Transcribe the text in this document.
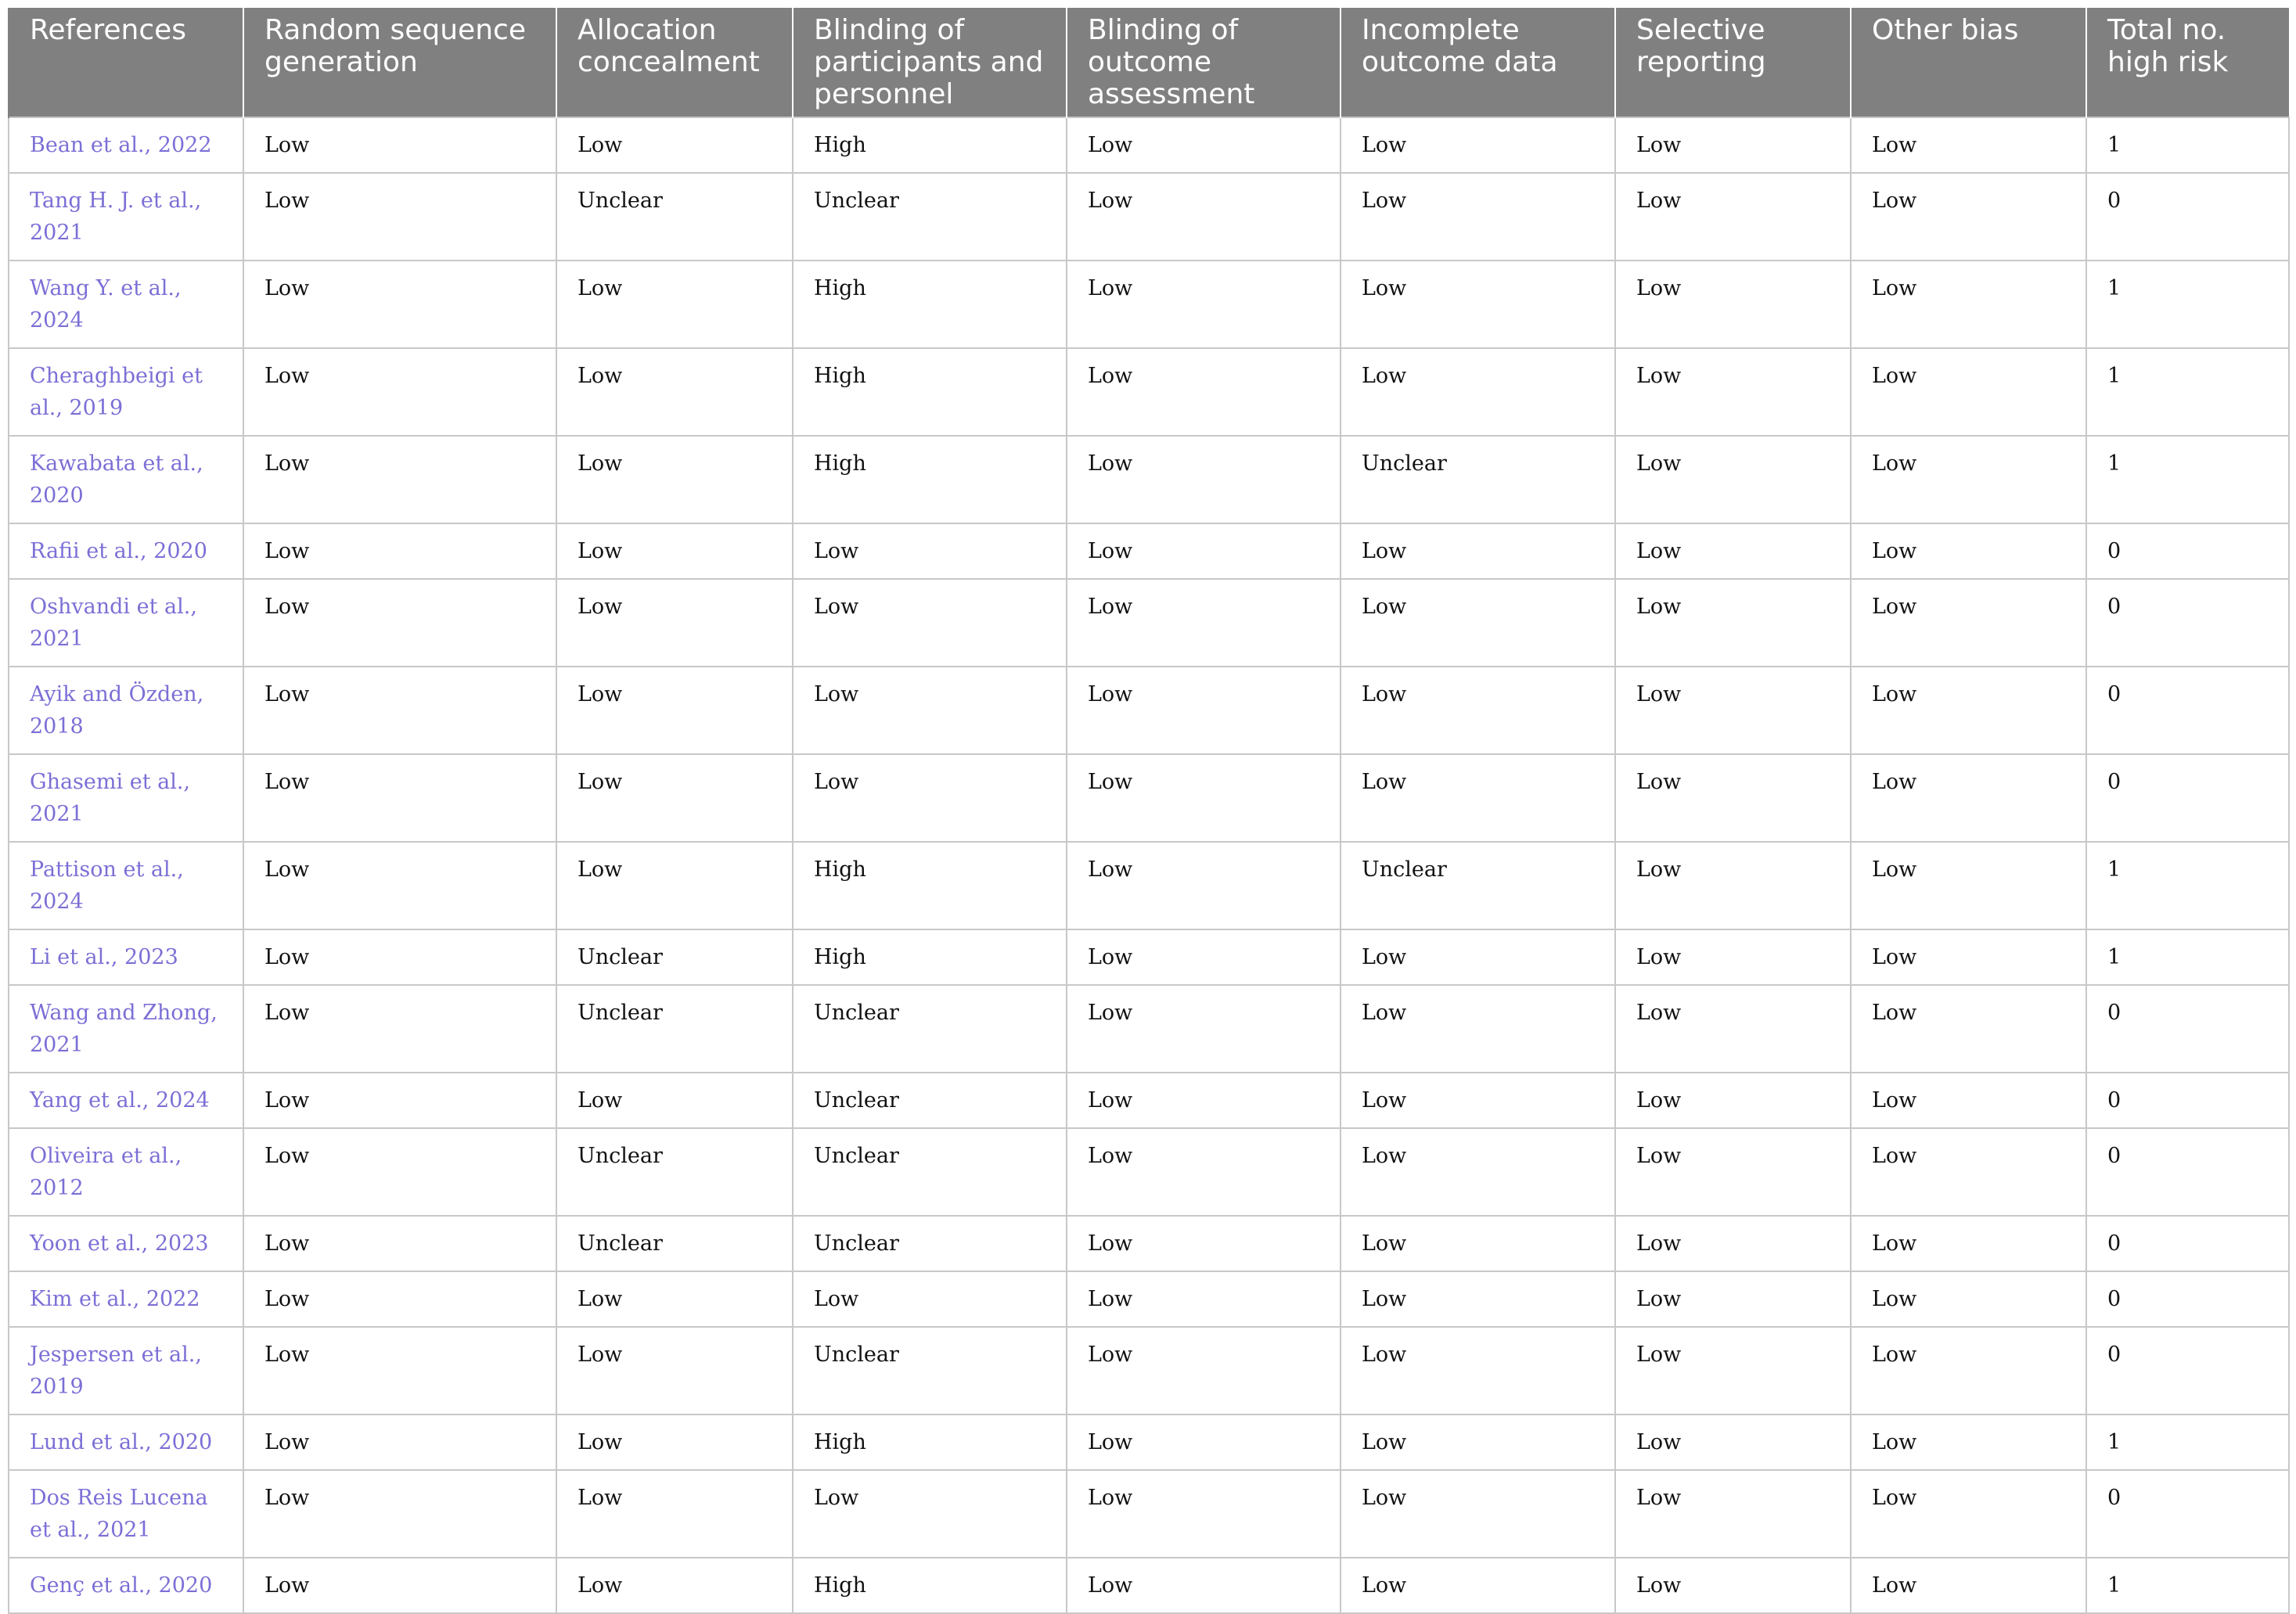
References	Random sequence generation	Allocation concealment	Blinding of participants and personnel	Blinding of outcome assessment	Incomplete outcome data	Selective reporting	Other bias	Total no. high risk
Bean et al., 2022	Low	Low	High	Low	Low	Low	Low	1
Tang H. J. et al., 2021	Low	Unclear	Unclear	Low	Low	Low	Low	0
Wang Y. et al., 2024	Low	Low	High	Low	Low	Low	Low	1
Cheraghbeigi et al., 2019	Low	Low	High	Low	Low	Low	Low	1
Kawabata et al., 2020	Low	Low	High	Low	Unclear	Low	Low	1
Rafii et al., 2020	Low	Low	Low	Low	Low	Low	Low	0
Oshvandi et al., 2021	Low	Low	Low	Low	Low	Low	Low	0
Ayik and Özden, 2018	Low	Low	Low	Low	Low	Low	Low	0
Ghasemi et al., 2021	Low	Low	Low	Low	Low	Low	Low	0
Pattison et al., 2024	Low	Low	High	Low	Unclear	Low	Low	1
Li et al., 2023	Low	Unclear	High	Low	Low	Low	Low	1
Wang and Zhong, 2021	Low	Unclear	Unclear	Low	Low	Low	Low	0
Yang et al., 2024	Low	Low	Unclear	Low	Low	Low	Low	0
Oliveira et al., 2012	Low	Unclear	Unclear	Low	Low	Low	Low	0
Yoon et al., 2023	Low	Unclear	Unclear	Low	Low	Low	Low	0
Kim et al., 2022	Low	Low	Low	Low	Low	Low	Low	0
Jespersen et al., 2019	Low	Low	Unclear	Low	Low	Low	Low	0
Lund et al., 2020	Low	Low	High	Low	Low	Low	Low	1
Dos Reis Lucena et al., 2021	Low	Low	Low	Low	Low	Low	Low	0
Genç et al., 2020	Low	Low	High	Low	Low	Low	Low	1
